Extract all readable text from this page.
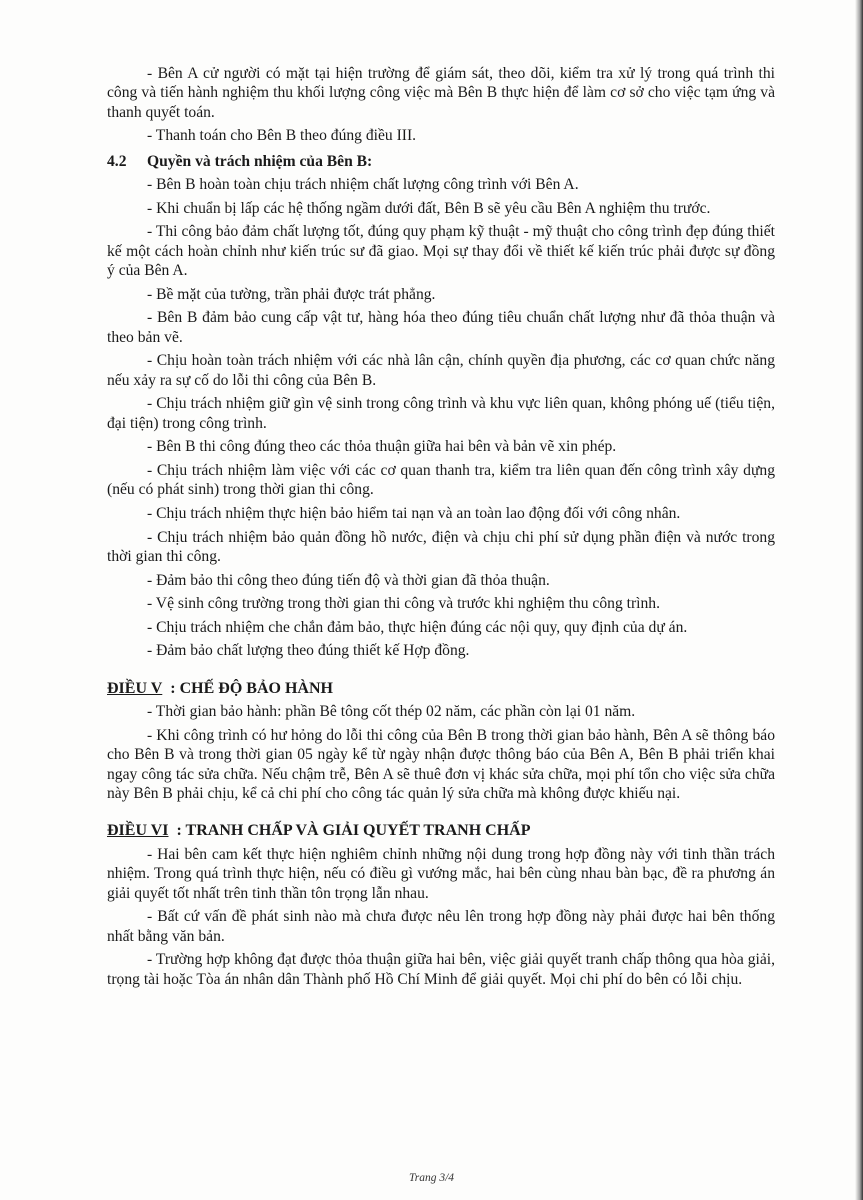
- Bên A cử người có mặt tại hiện trường để giám sát, theo dõi, kiểm tra xử lý trong quá trình thi công và tiến hành nghiệm thu khối lượng công việc mà Bên B thực hiện để làm cơ sở cho việc tạm ứng và thanh quyết toán.

- Thanh toán cho Bên B theo đúng điều III.

4.2 Quyền và trách nhiệm của Bên B:

- Bên B hoàn toàn chịu trách nhiệm chất lượng công trình với Bên A.

- Khi chuẩn bị lấp các hệ thống ngầm dưới đất, Bên B sẽ yêu cầu Bên A nghiệm thu trước.

- Thi công bảo đảm chất lượng tốt, đúng quy phạm kỹ thuật - mỹ thuật cho công trình đẹp đúng thiết kế một cách hoàn chỉnh như kiến trúc sư đã giao. Mọi sự thay đổi về thiết kế kiến trúc phải được sự đồng ý của Bên A.

- Bề mặt của tường, trần phải được trát phẳng.

- Bên B đảm bảo cung cấp vật tư, hàng hóa theo đúng tiêu chuẩn chất lượng như đã thỏa thuận và theo bản vẽ.

- Chịu hoàn toàn trách nhiệm với các nhà lân cận, chính quyền địa phương, các cơ quan chức năng nếu xảy ra sự cố do lỗi thi công của Bên B.

- Chịu trách nhiệm giữ gìn vệ sinh trong công trình và khu vực liên quan, không phóng uế (tiểu tiện, đại tiện) trong công trình.

- Bên B thi công đúng theo các thỏa thuận giữa hai bên và bản vẽ xin phép.

- Chịu trách nhiệm làm việc với các cơ quan thanh tra, kiểm tra liên quan đến công trình xây dựng (nếu có phát sinh) trong thời gian thi công.

- Chịu trách nhiệm thực hiện bảo hiểm tai nạn và an toàn lao động đối với công nhân.

- Chịu trách nhiệm bảo quản đồng hồ nước, điện và chịu chi phí sử dụng phần điện và nước trong thời gian thi công.

- Đảm bảo thi công theo đúng tiến độ và thời gian đã thỏa thuận.

- Vệ sinh công trường trong thời gian thi công và trước khi nghiệm thu công trình.

- Chịu trách nhiệm che chắn đảm bảo, thực hiện đúng các nội quy, quy định của dự án.

- Đảm bảo chất lượng theo đúng thiết kế Hợp đồng.

ĐIỀU V : CHẾ ĐỘ BẢO HÀNH

- Thời gian bảo hành: phần Bê tông cốt thép 02 năm, các phần còn lại 01 năm.

- Khi công trình có hư hỏng do lỗi thi công của Bên B trong thời gian bảo hành, Bên A sẽ thông báo cho Bên B và trong thời gian 05 ngày kể từ ngày nhận được thông báo của Bên A, Bên B phải triển khai ngay công tác sửa chữa. Nếu chậm trễ, Bên A sẽ thuê đơn vị khác sửa chữa, mọi phí tổn cho việc sửa chữa này Bên B phải chịu, kể cả chi phí cho công tác quản lý sửa chữa mà không được khiếu nại.

ĐIỀU VI : TRANH CHẤP VÀ GIẢI QUYẾT TRANH CHẤP

- Hai bên cam kết thực hiện nghiêm chỉnh những nội dung trong hợp đồng này với tinh thần trách nhiệm. Trong quá trình thực hiện, nếu có điều gì vướng mắc, hai bên cùng nhau bàn bạc, đề ra phương án giải quyết tốt nhất trên tinh thần tôn trọng lẫn nhau.

- Bất cứ vấn đề phát sinh nào mà chưa được nêu lên trong hợp đồng này phải được hai bên thống nhất bằng văn bản.

- Trường hợp không đạt được thỏa thuận giữa hai bên, việc giải quyết tranh chấp thông qua hòa giải, trọng tài hoặc Tòa án nhân dân Thành phố Hồ Chí Minh để giải quyết. Mọi chi phí do bên có lỗi chịu.

Trang 3/4
